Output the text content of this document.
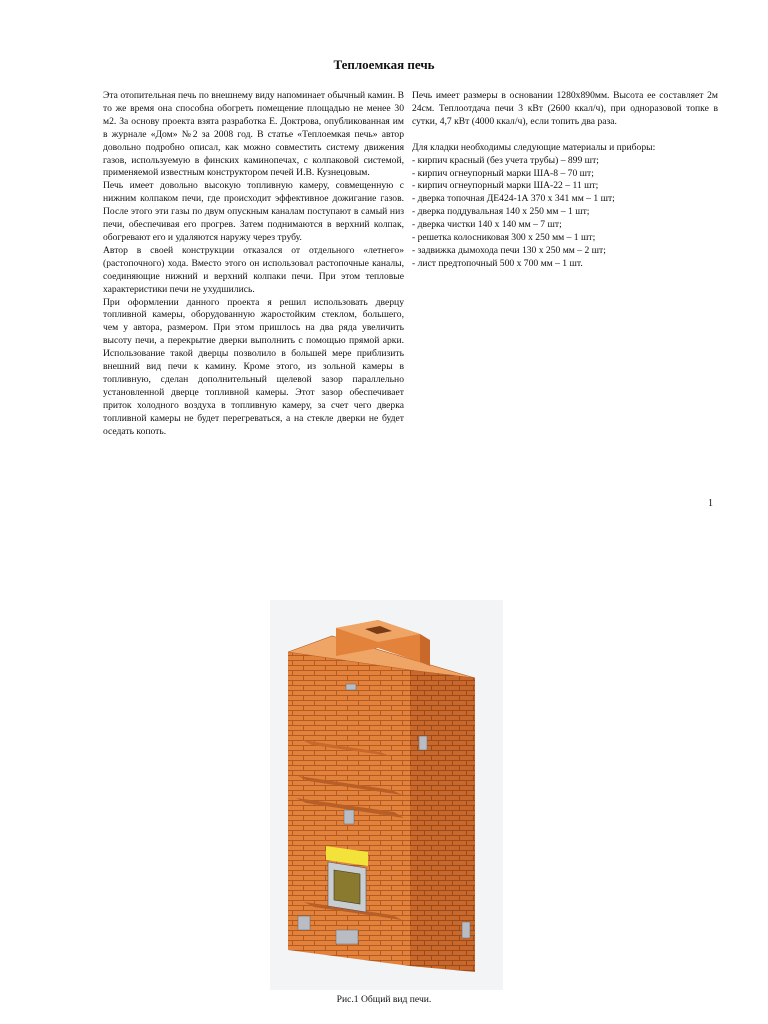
Теплоемкая печь

Эта отопительная печь по внешнему виду напоминает обычный камин. В то же время она способна обогреть помещение площадью не менее 30 м2. За основу проекта взята разработка Е. Доктрова, опубликованная им в журнале «Дом» №2 за 2008 год. В статье «Теплоемкая печь» автор довольно подробно описал, как можно совместить систему движения газов, используемую в финских каминопечах, с колпаковой системой, применяемой известным конструктором печей И.В. Кузнецовым.

Печь имеет довольно высокую топливную камеру, совмещенную с нижним колпаком печи, где происходит эффективное дожигание газов. После этого эти газы по двум опускным каналам поступают в самый низ печи, обеспечивая его прогрев. Затем поднимаются в верхний колпак, обогревают его и удаляются наружу через трубу.

Автор в своей конструкции отказался от отдельного «летнего» (растопочного) хода. Вместо этого он использовал растопочные каналы, соединяющие нижний и верхний колпаки печи. При этом тепловые характеристики печи не ухудшились.

При оформлении данного проекта я решил использовать дверцу топливной камеры, оборудованную жаростойким стеклом, большего, чем у автора, размером. При этом пришлось на два ряда увеличить высоту печи, а перекрытие дверки выполнить с помощью прямой арки. Использование такой дверцы позволило в большей мере приблизить внешний вид печи к камину. Кроме этого, из зольной камеры в топливную, сделан дополнительный щелевой зазор параллельно установленной дверце топливной камеры. Этот зазор обеспечивает приток холодного воздуха в топливную камеру, за счет чего дверка топливной камеры не будет перегреваться, а на стекле дверки не будет оседать копоть.

Печь имеет размеры в основании 1280х890мм. Высота ее составляет 2м 24см. Теплоотдача печи 3 кВт (2600 ккал/ч), при одноразовой топке в сутки, 4,7 кВт (4000 ккал/ч), если топить два раза.

Для кладки необходимы следующие материалы и приборы:

- кирпич красный (без учета трубы) – 899 шт;
- кирпич огнеупорный марки ША-8 – 70 шт;
- кирпич огнеупорный марки ША-22 – 11 шт;
- дверка топочная ДЕ424-1А 370 х 341 мм – 1 шт;
- дверка поддувальная 140 х 250 мм – 1 шт;
- дверка чистки 140 х 140 мм – 7 шт;
- решетка колосниковая 300 х 250 мм – 1 шт;
- задвижка дымохода печи 130 х 250 мм – 2 шт;
- лист предтопочный 500 х 700 мм – 1 шт.
1
Рис.1 Общий вид печи.
